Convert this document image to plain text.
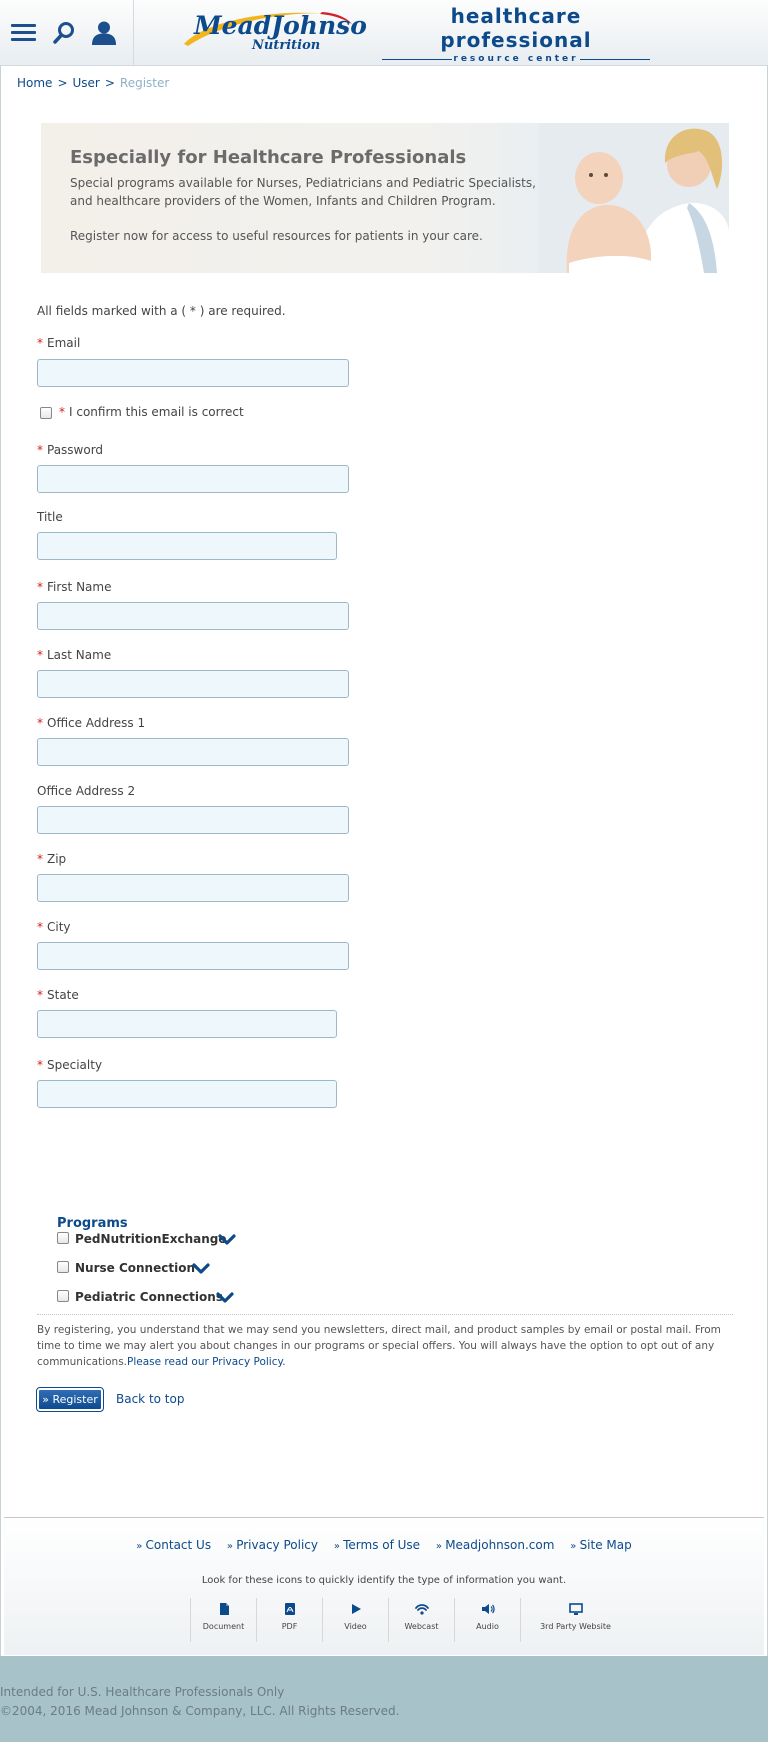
MeadJohnson
Nutrition
healthcare professional
resource center
Home > User > Register
Especially for Healthcare Professionals
Special programs available for Nurses, Pediatricians and Pediatric Specialists, and healthcare providers of the Women, Infants and Children Program.
Register now for access to useful resources for patients in your care.
All fields marked with a ( * ) are required.
* Email
* I confirm this email is correct
* Password
Title
* First Name
* Last Name
* Office Address 1
Office Address 2
* Zip
* City
* State
* Specialty
Programs
PedNutritionExchange
Nurse Connection
Pediatric Connections
By registering, you understand that we may send you newsletters, direct mail, and product samples by email or postal mail. From time to time we may alert you about changes in our programs or special offers. You will always have the option to opt out of any communications.Please read our Privacy Policy.
» Register	Back to top
» Contact Us » Privacy Policy » Terms of Use » Meadjohnson.com » Site Map
Look for these icons to quickly identify the type of information you want.
Document	PDF	Video	Webcast	Audio	3rd Party Website
Intended for U.S. Healthcare Professionals Only
©2004, 2016 Mead Johnson & Company, LLC. All Rights Reserved.
